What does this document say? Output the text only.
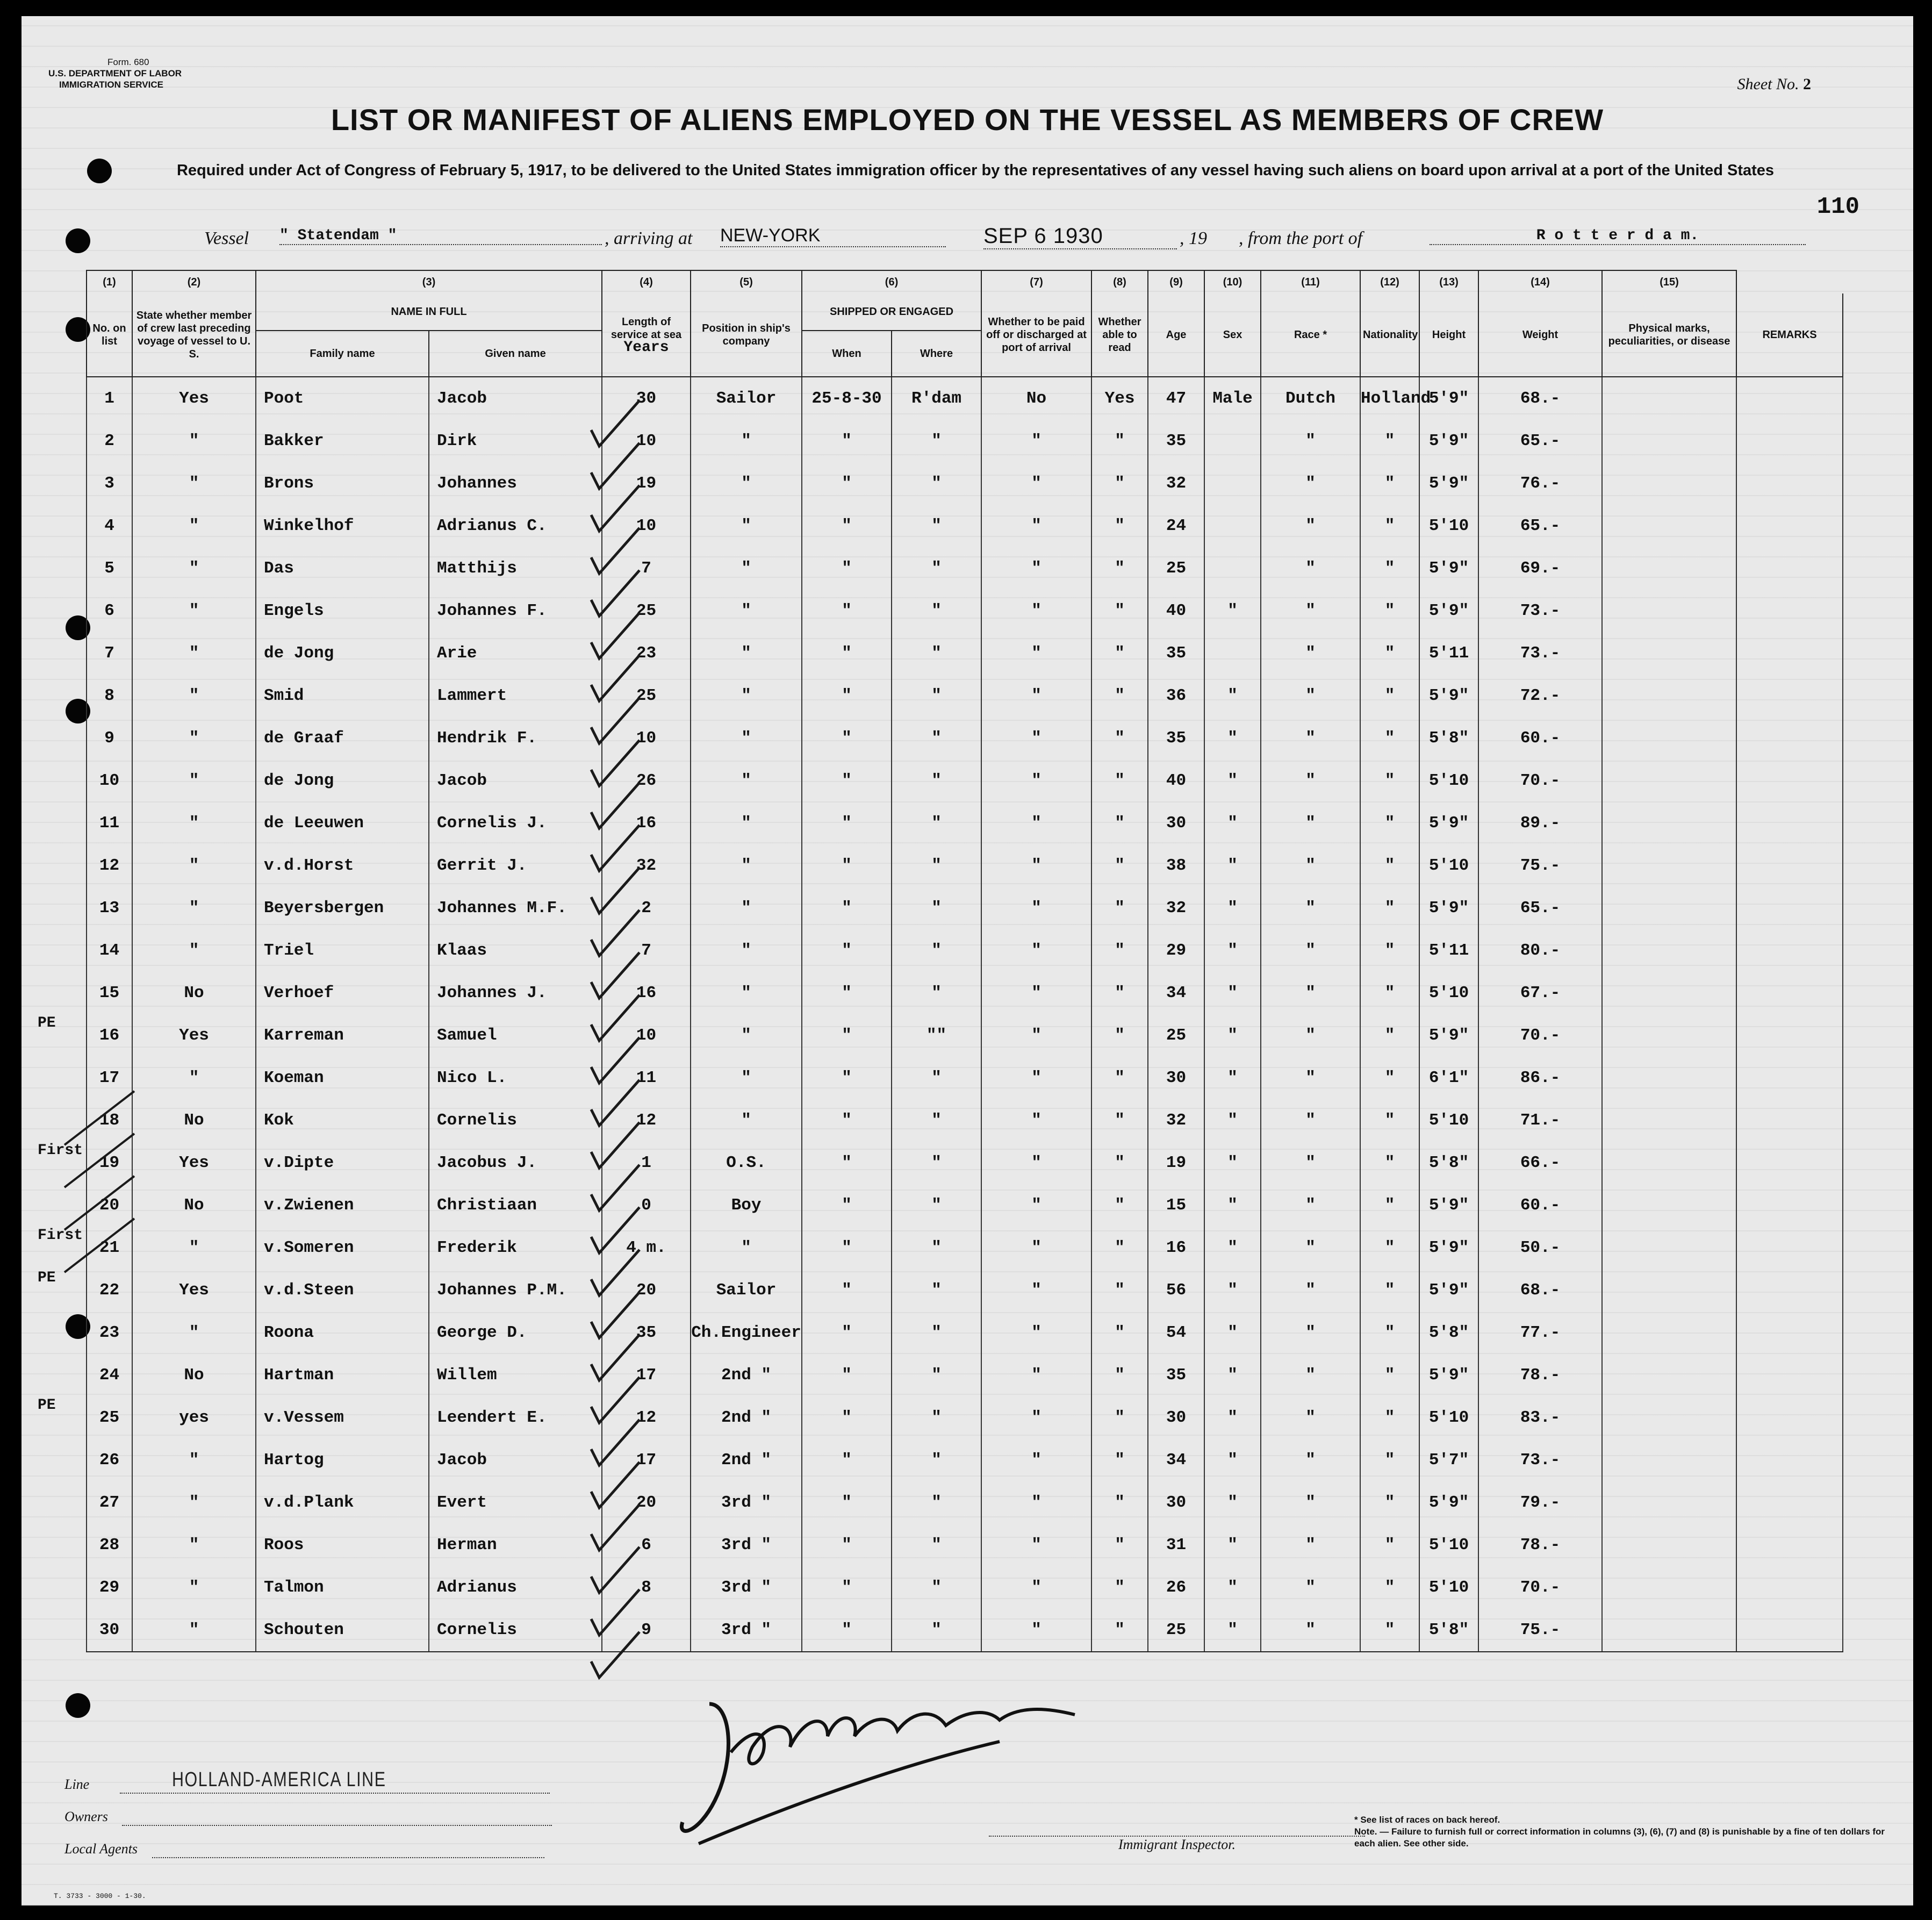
Form. 680
U.S. DEPARTMENT OF LABOR
IMMIGRATION SERVICE	Sheet No. 2
110
LIST OR MANIFEST OF ALIENS EMPLOYED ON THE VESSEL AS MEMBERS OF CREW
Required under Act of Congress of February 5, 1917, to be delivered to the United States immigration officer by the representatives of any vessel having such aliens on board upon arrival at a port of the United States
Vessel " Statendam "	, arriving at NEW-YORK	SEP 6 1930	, 19 , from the port of	R o t t e r d a m.
(1)	(2)	(3)		(4)	(5)	(6)		(7)	(8)	(9)	(10)	(11)	(12)	(13)	(14)	(15)	
No. on list	State whether member of crew last preceding voyage of vessel to U. S.	NAME IN FULL		Length of service at sea
Years	Position in ship's company	SHIPPED OR ENGAGED		Whether to be paid off or discharged at port of arrival	Whether able to read	Age	Sex	Race *	Nationality	Height	Weight	Physical marks, peculiarities, or disease	REMARKS
		Family name	Given name			When	Where										
1	Yes	Poot	Jacob	30	Sailor	25-8-30	R'dam	No	Yes	47	Male	Dutch	Holland	5'9"	68.-		
2	"	Bakker	Dirk	10	"	"	"	"	"	35		"	"	5'9"	65.-		
3	"	Brons	Johannes	19	"	"	"	"	"	32		"	"	5'9"	76.-		
4	"	Winkelhof	Adrianus C.	10	"	"	"	"	"	24		"	"	5'10	65.-		
5	"	Das	Matthijs	7	"	"	"	"	"	25		"	"	5'9"	69.-		
6	"	Engels	Johannes F.	25	"	"	"	"	"	40	"	"	"	5'9"	73.-		
7	"	de Jong	Arie	23	"	"	"	"	"	35		"	"	5'11	73.-		
8	"	Smid	Lammert	25	"	"	"	"	"	36	"	"	"	5'9"	72.-		
9	"	de Graaf	Hendrik F.	10	"	"	"	"	"	35	"	"	"	5'8"	60.-		
10	"	de Jong	Jacob	26	"	"	"	"	"	40	"	"	"	5'10	70.-		
11	"	de Leeuwen	Cornelis J.	16	"	"	"	"	"	30	"	"	"	5'9"	89.-		
12	"	v.d.Horst	Gerrit J.	32	"	"	"	"	"	38	"	"	"	5'10	75.-		
13	"	Beyersbergen	Johannes M.F.	2	"	"	"	"	"	32	"	"	"	5'9"	65.-		
14	"	Triel	Klaas	7	"	"	"	"	"	29	"	"	"	5'11	80.-		
15	No	Verhoef	Johannes J.	16	"	"	"	"	"	34	"	"	"	5'10	67.-		
16	Yes	Karreman	Samuel	10	"	"	""	"	"	25	"	"	"	5'9"	70.-		
17	"	Koeman	Nico L.	11	"	"	"	"	"	30	"	"	"	6'1"	86.-		
18	No	Kok	Cornelis	12	"	"	"	"	"	32	"	"	"	5'10	71.-		
19	Yes	v.Dipte	Jacobus J.	1	O.S.	"	"	"	"	19	"	"	"	5'8"	66.-		
20	No	v.Zwienen	Christiaan	0	Boy	"	"	"	"	15	"	"	"	5'9"	60.-		
21	"	v.Someren	Frederik	4 m.	"	"	"	"	"	16	"	"	"	5'9"	50.-		
22	Yes	v.d.Steen	Johannes P.M.	20	Sailor	"	"	"	"	56	"	"	"	5'9"	68.-		
23	"	Roona	George D.	35	Ch.Engineer	"	"	"	"	54	"	"	"	5'8"	77.-		
24	No	Hartman	Willem	17	2nd "	"	"	"	"	35	"	"	"	5'9"	78.-		
25	yes	v.Vessem	Leendert E.	12	2nd "	"	"	"	"	30	"	"	"	5'10	83.-		
26	"	Hartog	Jacob	17	2nd "	"	"	"	"	34	"	"	"	5'7"	73.-		
27	"	v.d.Plank	Evert	20	3rd "	"	"	"	"	30	"	"	"	5'9"	79.-		
28	"	Roos	Herman	6	3rd "	"	"	"	"	31	"	"	"	5'10	78.-		
29	"	Talmon	Adrianus	8	3rd "	"	"	"	"	26	"	"	"	5'10	70.-		
30	"	Schouten	Cornelis	9	3rd "	"	"	"	"	25	"	"	"	5'8"	75.-		
PE
First
First
PE
PE
Line	HOLLAND-AMERICA LINE
Owners
Local Agents	Immigrant Inspector.
* See list of races on back hereof.
Note. — Failure to furnish full or correct information in columns (3), (6), (7) and (8) is punishable by a fine of ten dollars for each alien. See other side.
T. 3733 - 3000 - 1-30.
